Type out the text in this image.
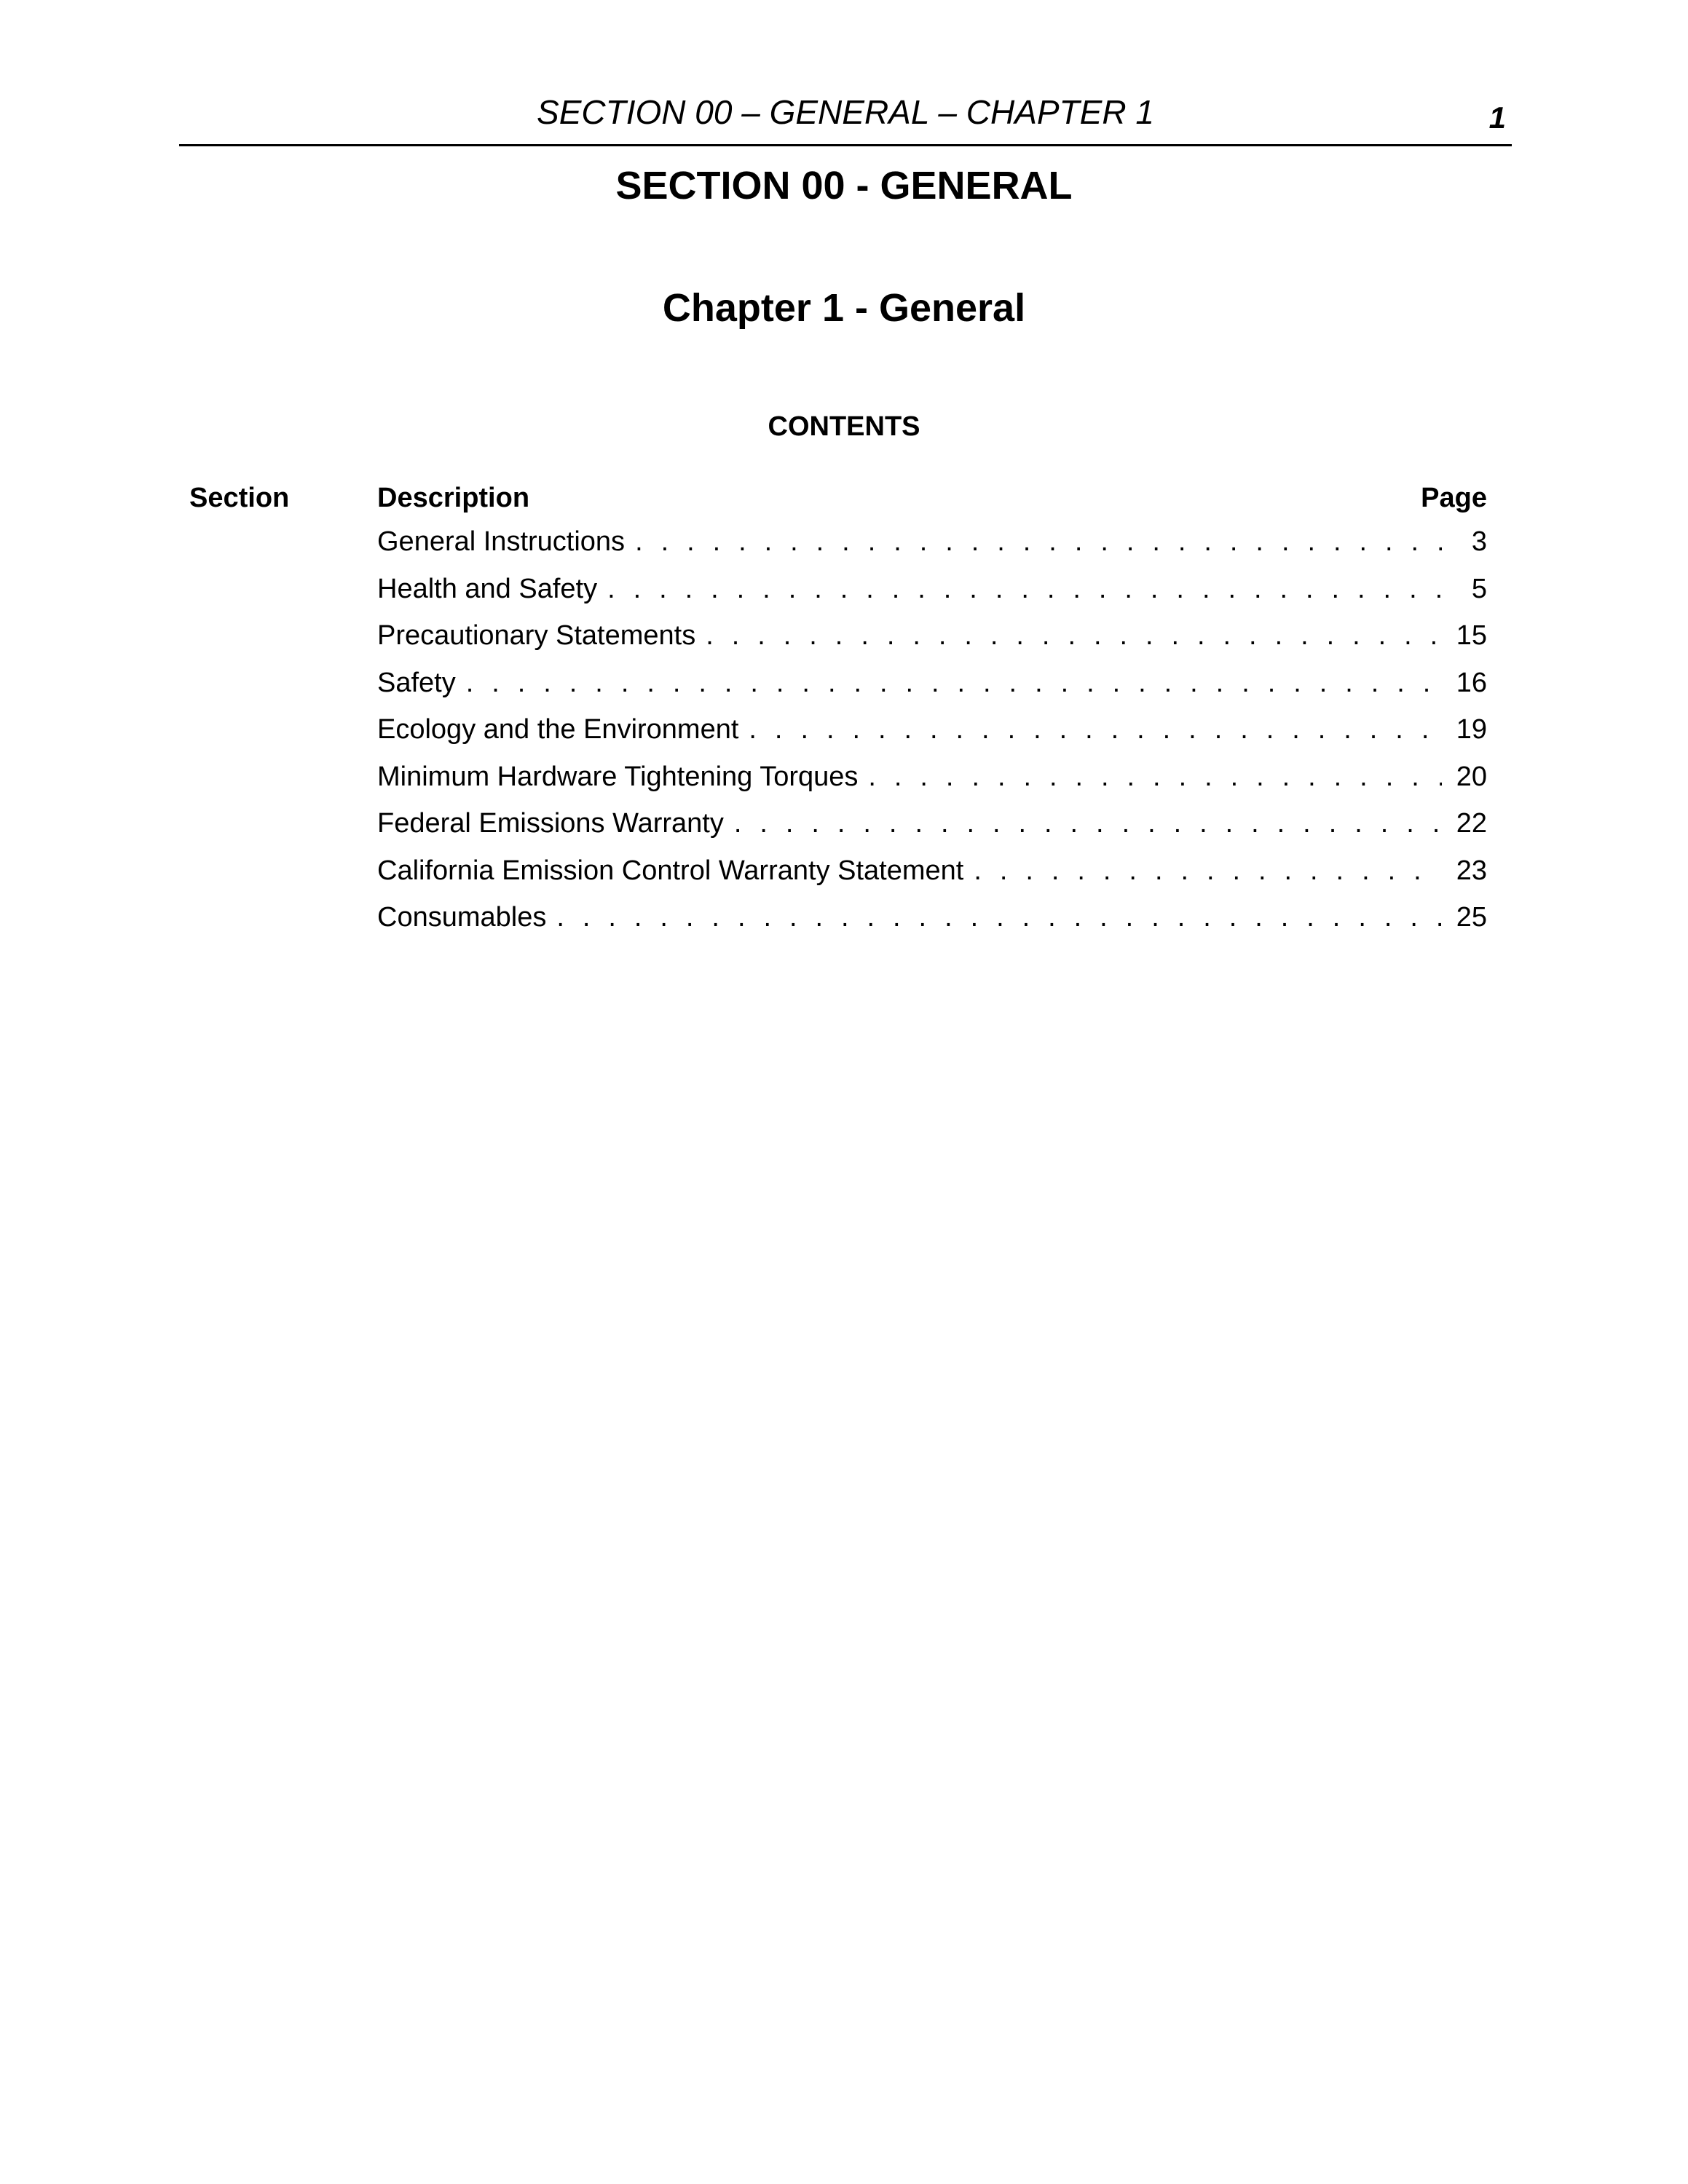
SECTION 00 – GENERAL – CHAPTER 1	1
SECTION 00 - GENERAL
Chapter 1 - General
CONTENTS
Section	Description	Page
General Instructions . . .	3
Health and Safety . . .	5
Precautionary Statements . . .	15
Safety . . .	16
Ecology and the Environment . . .	19
Minimum Hardware Tightening Torques . . .	20
Federal Emissions Warranty . . .	22
California Emission Control Warranty Statement . . .	23
Consumables . . .	25
